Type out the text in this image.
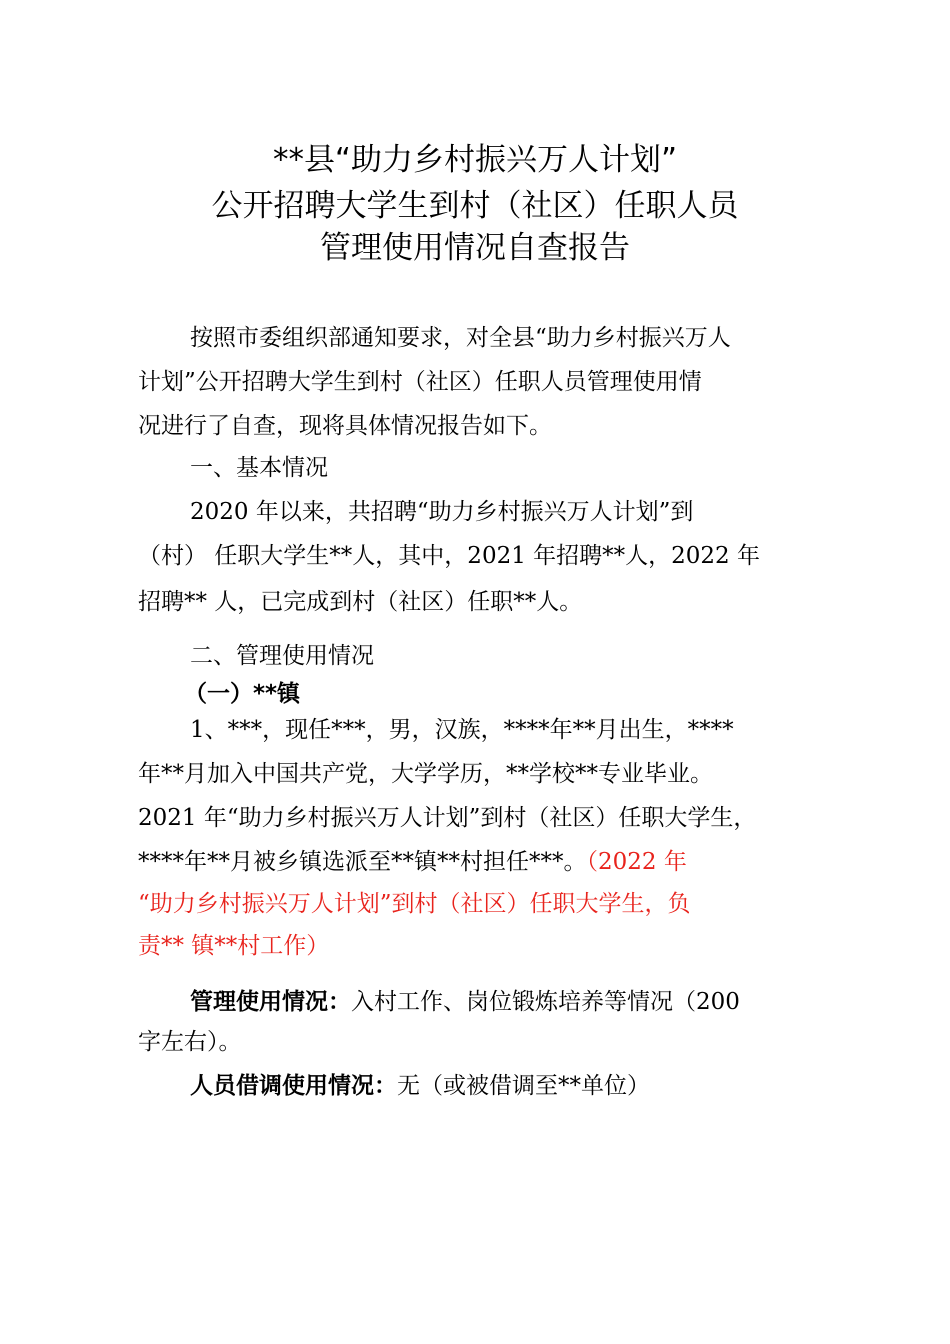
**县“助力乡村振兴万人计划”
公开招聘大学生到村（社区）任职人员
管理使用情况自查报告
按照市委组织部通知要求，对全县“助力乡村振兴万人
计划”公开招聘大学生到村（社区）任职人员管理使用情
况进行了自查，现将具体情况报告如下。
一、基本情况
2020 年以来，共招聘“助力乡村振兴万人计划”到
（村） 任职大学生**人，其中，2021 年招聘**人，2022 年
招聘** 人，已完成到村（社区）任职**人。
二、管理使用情况
（一）**镇
1、***，现任***，男，汉族，****年**月出生，****
年**月加入中国共产党，大学学历，**学校**专业毕业。
2021 年“助力乡村振兴万人计划”到村（社区）任职大学生，
****年**月被乡镇选派至**镇**村担任***。（2022 年
“助力乡村振兴万人计划”到村（社区）任职大学生，负
责** 镇**村工作）
管理使用情况：入村工作、岗位锻炼培养等情况（200
字左右）。
人员借调使用情况：无（或被借调至**单位）
